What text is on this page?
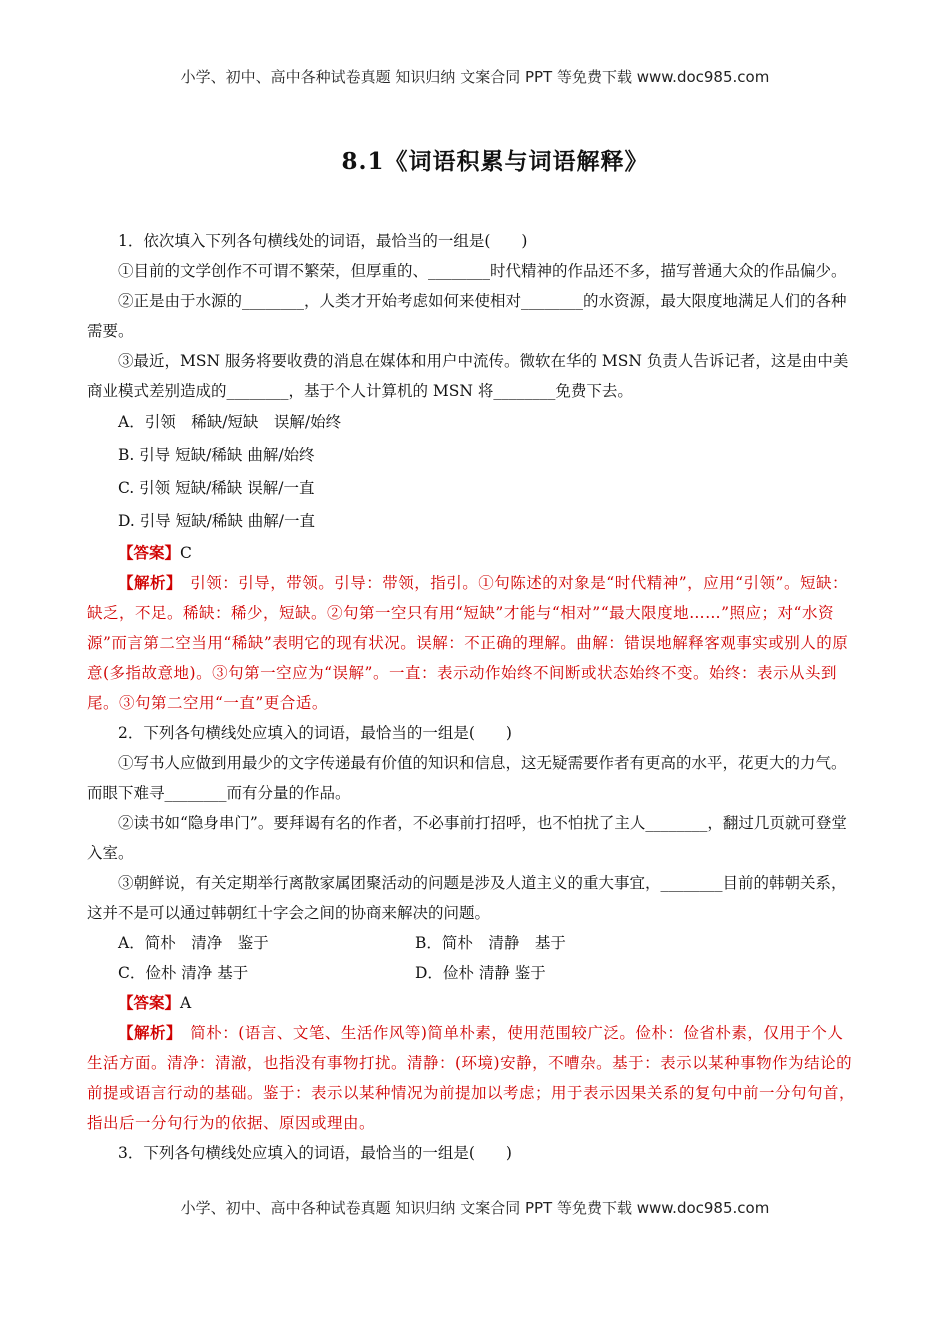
小学、初中、高中各种试卷真题 知识归纳 文案合同 PPT 等免费下载 www.doc985.com
8.1《词语积累与词语解释》

1．依次填入下列各句横线处的词语，最恰当的一组是(　　)

①目前的文学创作不可谓不繁荣，但厚重的、________时代精神的作品还不多，描写普通大众的作品偏少。

②正是由于水源的________，人类才开始考虑如何来使相对________的水资源，最大限度地满足人们的各种需要。

③最近，MSN 服务将要收费的消息在媒体和用户中流传。微软在华的 MSN 负责人告诉记者，这是由中美商业模式差别造成的________，基于个人计算机的 MSN 将________免费下去。

A．引领　稀缺/短缺　误解/始终

B. 引导 短缺/稀缺 曲解/始终

C. 引领 短缺/稀缺 误解/一直

D. 引导 短缺/稀缺 曲解/一直

【答案】C

【解析】　引领：引导，带领。引导：带领，指引。①句陈述的对象是“时代精神”，应用“引领”。短缺：缺乏，不足。稀缺：稀少，短缺。②句第一空只有用“短缺”才能与“相对”“最大限度地……”照应；对“水资源”而言第二空当用“稀缺”表明它的现有状况。误解：不正确的理解。曲解：错误地解释客观事实或别人的原意(多指故意地)。③句第一空应为“误解”。一直：表示动作始终不间断或状态始终不变。始终：表示从头到尾。③句第二空用“一直”更合适。

2．下列各句横线处应填入的词语，最恰当的一组是(　　)

①写书人应做到用最少的文字传递最有价值的知识和信息，这无疑需要作者有更高的水平，花更大的力气。而眼下难寻________而有分量的作品。

②读书如“隐身串门”。要拜谒有名的作者，不必事前打招呼，也不怕扰了主人________，翻过几页就可登堂入室。

③朝鲜说，有关定期举行离散家属团聚活动的问题是涉及人道主义的重大事宜，________目前的韩朝关系，这并不是可以通过韩朝红十字会之间的协商来解决的问题。

A．简朴　清净　鉴于	B．简朴　清静　基于
C．俭朴 清净 基于	D．俭朴 清静 鉴于

【答案】A

【解析】　简朴：(语言、文笔、生活作风等)简单朴素，使用范围较广泛。俭朴：俭省朴素，仅用于个人生活方面。清净：清澈，也指没有事物打扰。清静：(环境)安静，不嘈杂。基于：表示以某种事物作为结论的前提或语言行动的基础。鉴于：表示以某种情况为前提加以考虑；用于表示因果关系的复句中前一分句句首，指出后一分句行为的依据、原因或理由。

3．下列各句横线处应填入的词语，最恰当的一组是(　　)

小学、初中、高中各种试卷真题 知识归纳 文案合同 PPT 等免费下载 www.doc985.com
